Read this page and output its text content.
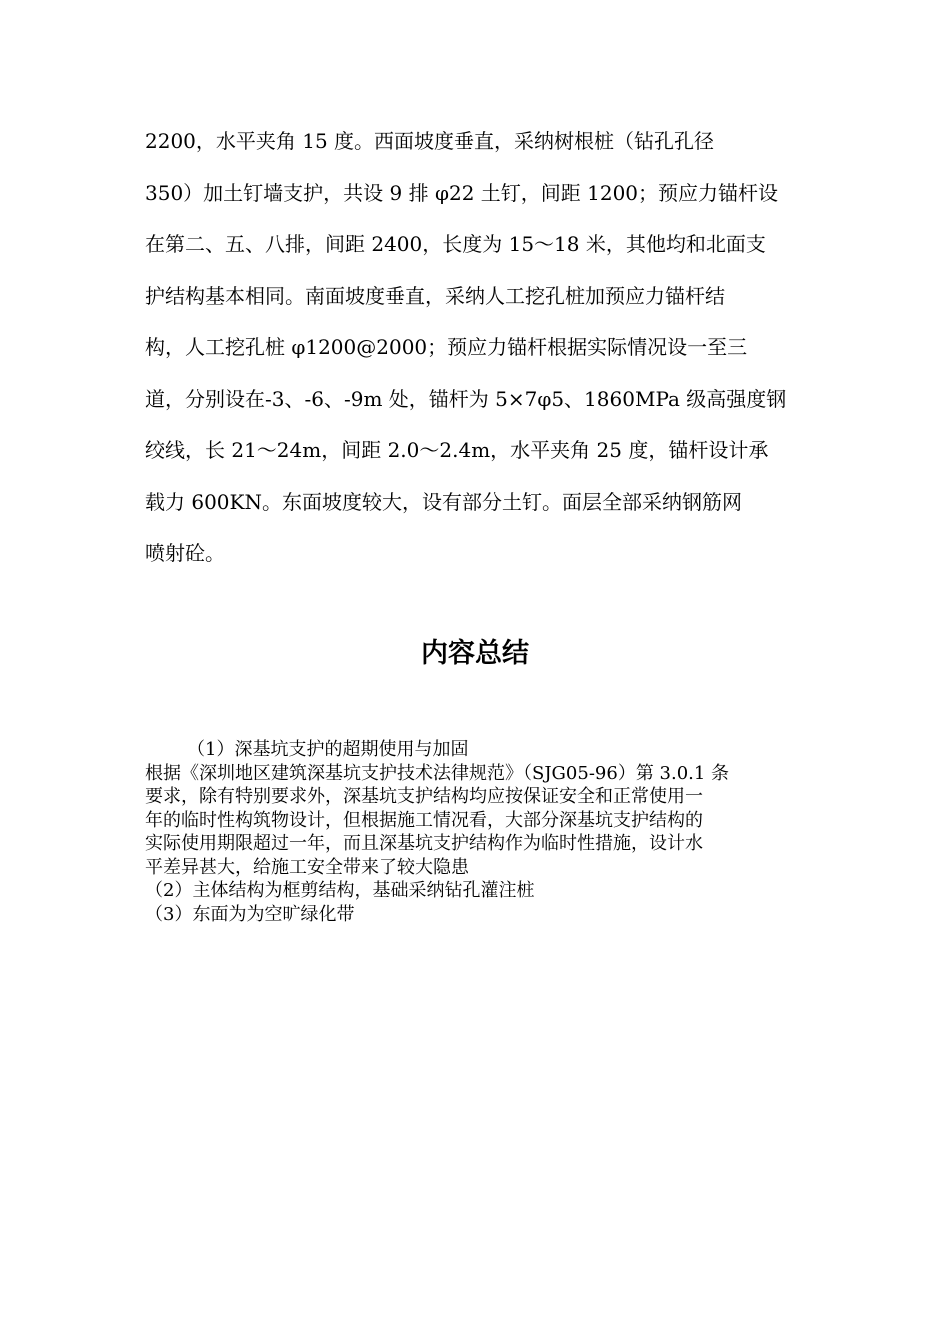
2200，水平夹角 15 度。西面坡度垂直，采纳树根桩（钻孔孔径
350）加土钉墙支护，共设 9 排 φ22 土钉，间距 1200；预应力锚杆设
在第二、五、八排，间距 2400，长度为 15～18 米，其他均和北面支
护结构基本相同。南面坡度垂直，采纳人工挖孔桩加预应力锚杆结
构，人工挖孔桩 φ1200@2000；预应力锚杆根据实际情况设一至三
道，分别设在-3、-6、-9m 处，锚杆为 5×7φ5、1860MPa 级高强度钢
绞线，长 21～24m，间距 2.0～2.4m，水平夹角 25 度，锚杆设计承
载力 600KN。东面坡度较大，设有部分土钉。面层全部采纳钢筋网
喷射砼。
内容总结
（1）深基坑支护的超期使用与加固
根据《深圳地区建筑深基坑支护技术法律规范》（SJG05-96）第 3.0.1 条
要求，除有特别要求外，深基坑支护结构均应按保证安全和正常使用一
年的临时性构筑物设计，但根据施工情况看，大部分深基坑支护结构的
实际使用期限超过一年，而且深基坑支护结构作为临时性措施，设计水
平差异甚大，给施工安全带来了较大隐患
（2）主体结构为框剪结构，基础采纳钻孔灌注桩
（3）东面为为空旷绿化带
